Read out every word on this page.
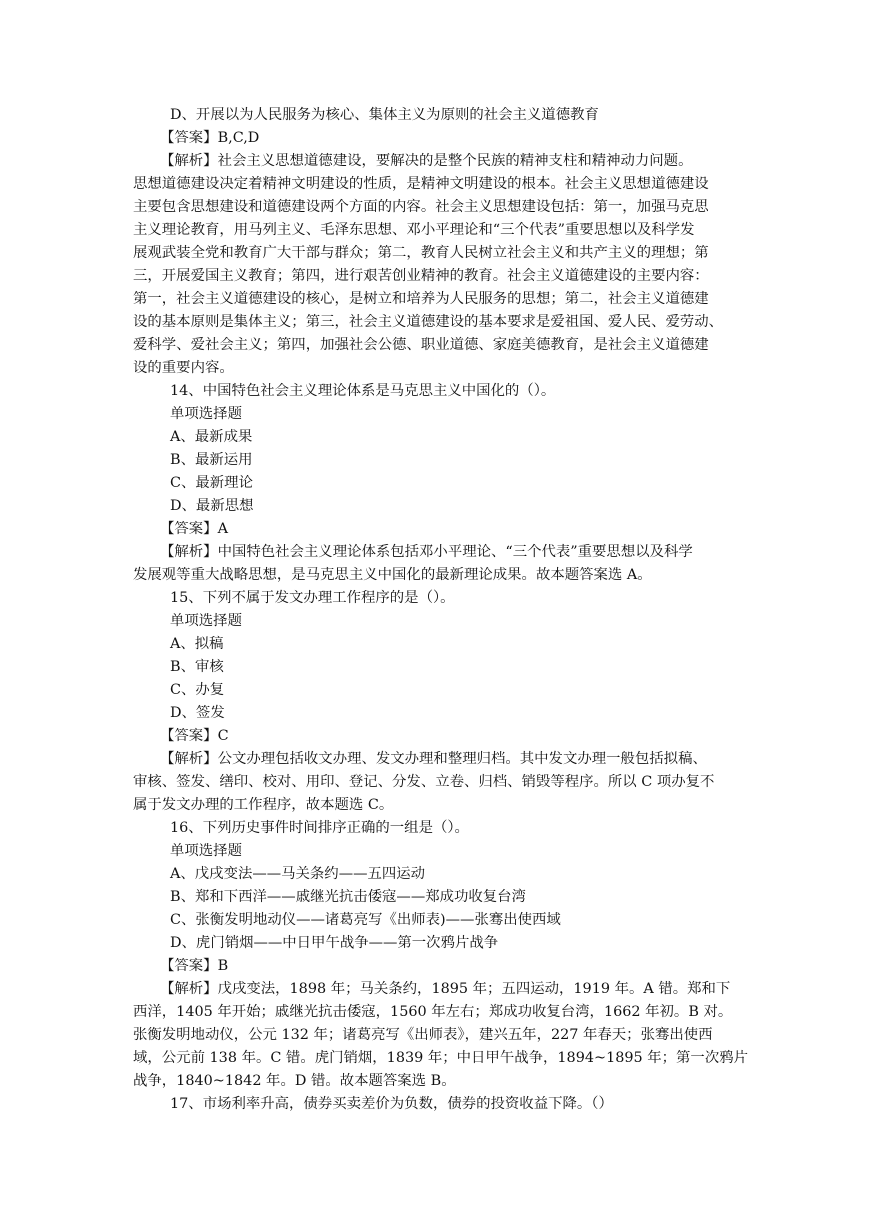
D、开展以为人民服务为核心、集体主义为原则的社会主义道德教育
【答案】B,C,D
【解析】社会主义思想道德建设，要解决的是整个民族的精神支柱和精神动力问题。
思想道德建设决定着精神文明建设的性质，是精神文明建设的根本。社会主义思想道德建设
主要包含思想建设和道德建设两个方面的内容。社会主义思想建设包括：第一，加强马克思
主义理论教育，用马列主义、毛泽东思想、邓小平理论和“三个代表”重要思想以及科学发
展观武装全党和教育广大干部与群众；第二，教育人民树立社会主义和共产主义的理想；第
三，开展爱国主义教育；第四，进行艰苦创业精神的教育。社会主义道德建设的主要内容：
第一，社会主义道德建设的核心，是树立和培养为人民服务的思想；第二，社会主义道德建
设的基本原则是集体主义；第三，社会主义道德建设的基本要求是爱祖国、爱人民、爱劳动、
爱科学、爱社会主义；第四，加强社会公德、职业道德、家庭美德教育，是社会主义道德建
设的重要内容。
14、中国特色社会主义理论体系是马克思主义中国化的（）。
单项选择题
A、最新成果
B、最新运用
C、最新理论
D、最新思想
【答案】A
【解析】中国特色社会主义理论体系包括邓小平理论、“三个代表”重要思想以及科学
发展观等重大战略思想，是马克思主义中国化的最新理论成果。故本题答案选 A。
15、下列不属于发文办理工作程序的是（）。
单项选择题
A、拟稿
B、审核
C、办复
D、签发
【答案】C
【解析】公文办理包括收文办理、发文办理和整理归档。其中发文办理一般包括拟稿、
审核、签发、缮印、校对、用印、登记、分发、立卷、归档、销毁等程序。所以 C 项办复不
属于发文办理的工作程序，故本题选 C。
16、下列历史事件时间排序正确的一组是（）。
单项选择题
A、戊戌变法——马关条约——五四运动
B、郑和下西洋——戚继光抗击倭寇——郑成功收复台湾
C、张衡发明地动仪——诸葛亮写《出师表)——张骞出使西域
D、虎门销烟——中日甲午战争——第一次鸦片战争
【答案】B
【解析】戊戌变法，1898 年；马关条约，1895 年；五四运动，1919 年。A 错。郑和下
西洋，1405 年开始；戚继光抗击倭寇，1560 年左右；郑成功收复台湾，1662 年初。B 对。
张衡发明地动仪，公元 132 年；诸葛亮写《出师表》，建兴五年，227 年春天；张骞出使西
域，公元前 138 年。C 错。虎门销烟，1839 年；中日甲午战争，1894~1895 年；第一次鸦片
战争，1840~1842 年。D 错。故本题答案选 B。
17、市场利率升高，债券买卖差价为负数，债券的投资收益下降。（）
